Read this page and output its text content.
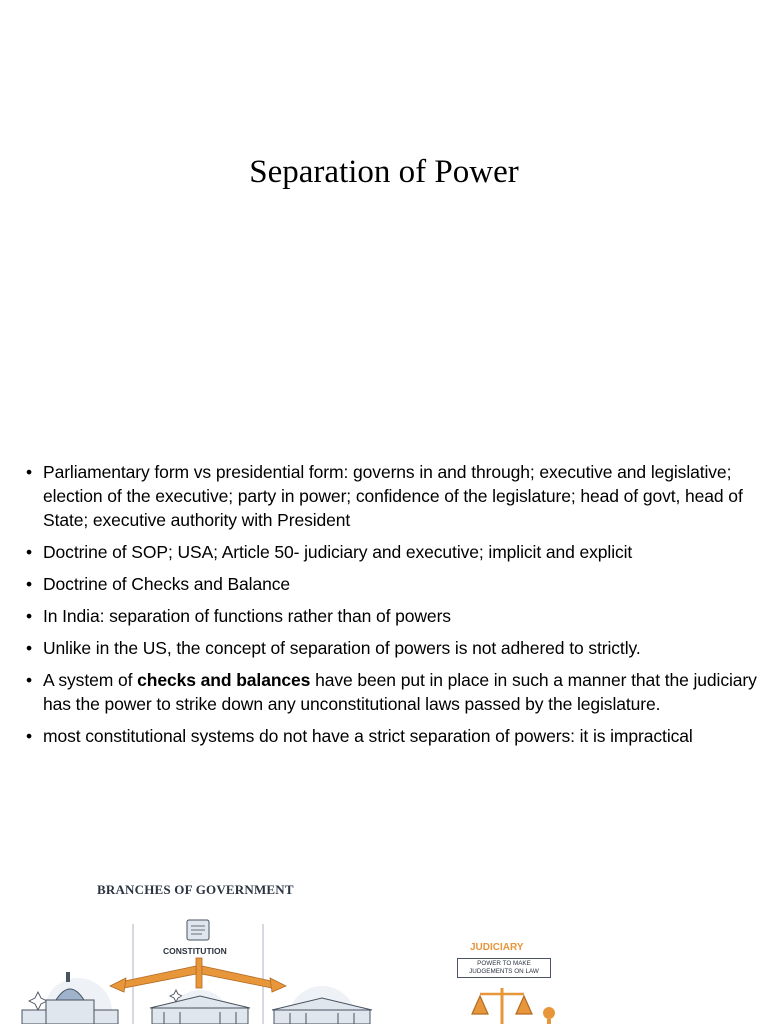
Separation of Power
• Parliamentary form vs presidential form: governs in and through; executive and legislative; election of the executive; party in power; confidence of the legislature; head of govt, head of State; executive authority with President
• Doctrine of SOP; USA; Article 50- judiciary and executive; implicit and explicit
• Doctrine of Checks and Balance
• In India: separation of functions rather than of powers
• Unlike in the US, the concept of separation of powers is not adhered to strictly.
• A system of checks and balances have been put in place in such a manner that the judiciary has the power to strike down any unconstitutional laws passed by the legislature.
• most constitutional systems do not have a strict separation of powers: it is impractical

BRANCHES OF GOVERNMENT

CONSTITUTION	JUDICIARY
POWER TO MAKE JUDGEMENTS ON LAW
